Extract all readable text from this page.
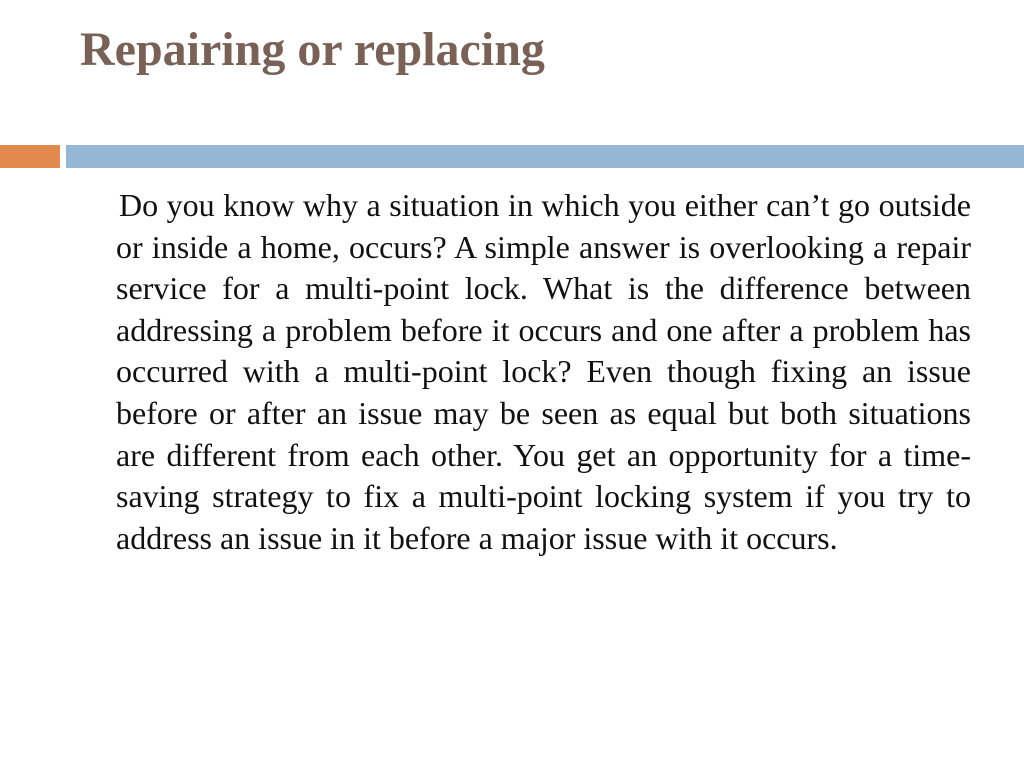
Repairing or replacing

Do you know why a situation in which you either can’t go outside or inside a home, occurs? A simple answer is overlooking a repair service for a multi-point lock. What is the difference between addressing a problem before it occurs and one after a problem has occurred with a multi-point lock? Even though fixing an issue before or after an issue may be seen as equal but both situations are different from each other. You get an opportunity for a time-saving strategy to fix a multi-point locking system if you try to address an issue in it before a major issue with it occurs.
